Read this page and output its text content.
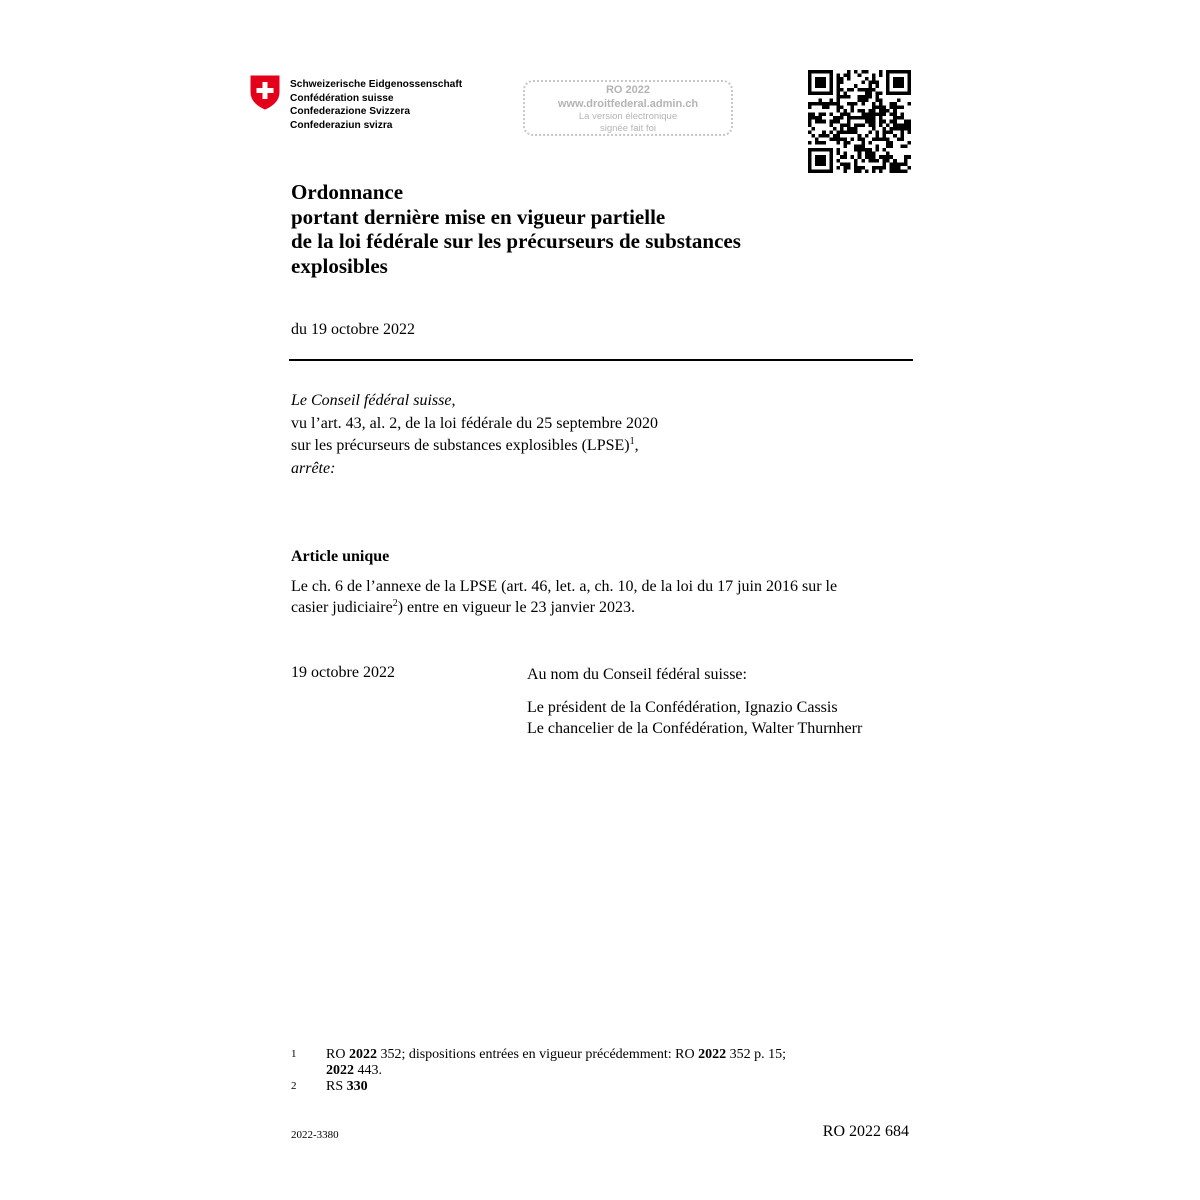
Schweizerische Eidgenossenschaft
Confédération suisse
Confederazione Svizzera
Confederaziun svizra
RO 2022
www.droitfederal.admin.ch
La version électronique
signée fait foi
Ordonnance
portant dernière mise en vigueur partielle
de la loi fédérale sur les précurseurs de substances
explosibles
du 19 octobre 2022
Le Conseil fédéral suisse,
vu l’art. 43, al. 2, de la loi fédérale du 25 septembre 2020
sur les précurseurs de substances explosibles (LPSE)$^1$,
arrête:
Article unique
Le ch. 6 de l’annexe de la LPSE (art. 46, let. a, ch. 10, de la loi du 17 juin 2016 sur le
casier judiciaire$^2$) entre en vigueur le 23 janvier 2023.
19 octobre 2022	Au nom du Conseil fédéral suisse:
Le président de la Confédération, Ignazio Cassis
Le chancelier de la Confédération, Walter Thurnherr
1 RO 2022 352; dispositions entrées en vigueur précédemment: RO 2022 352 p. 15;
2022 443.
2 RS 330
2022-3380	RO 2022 684
